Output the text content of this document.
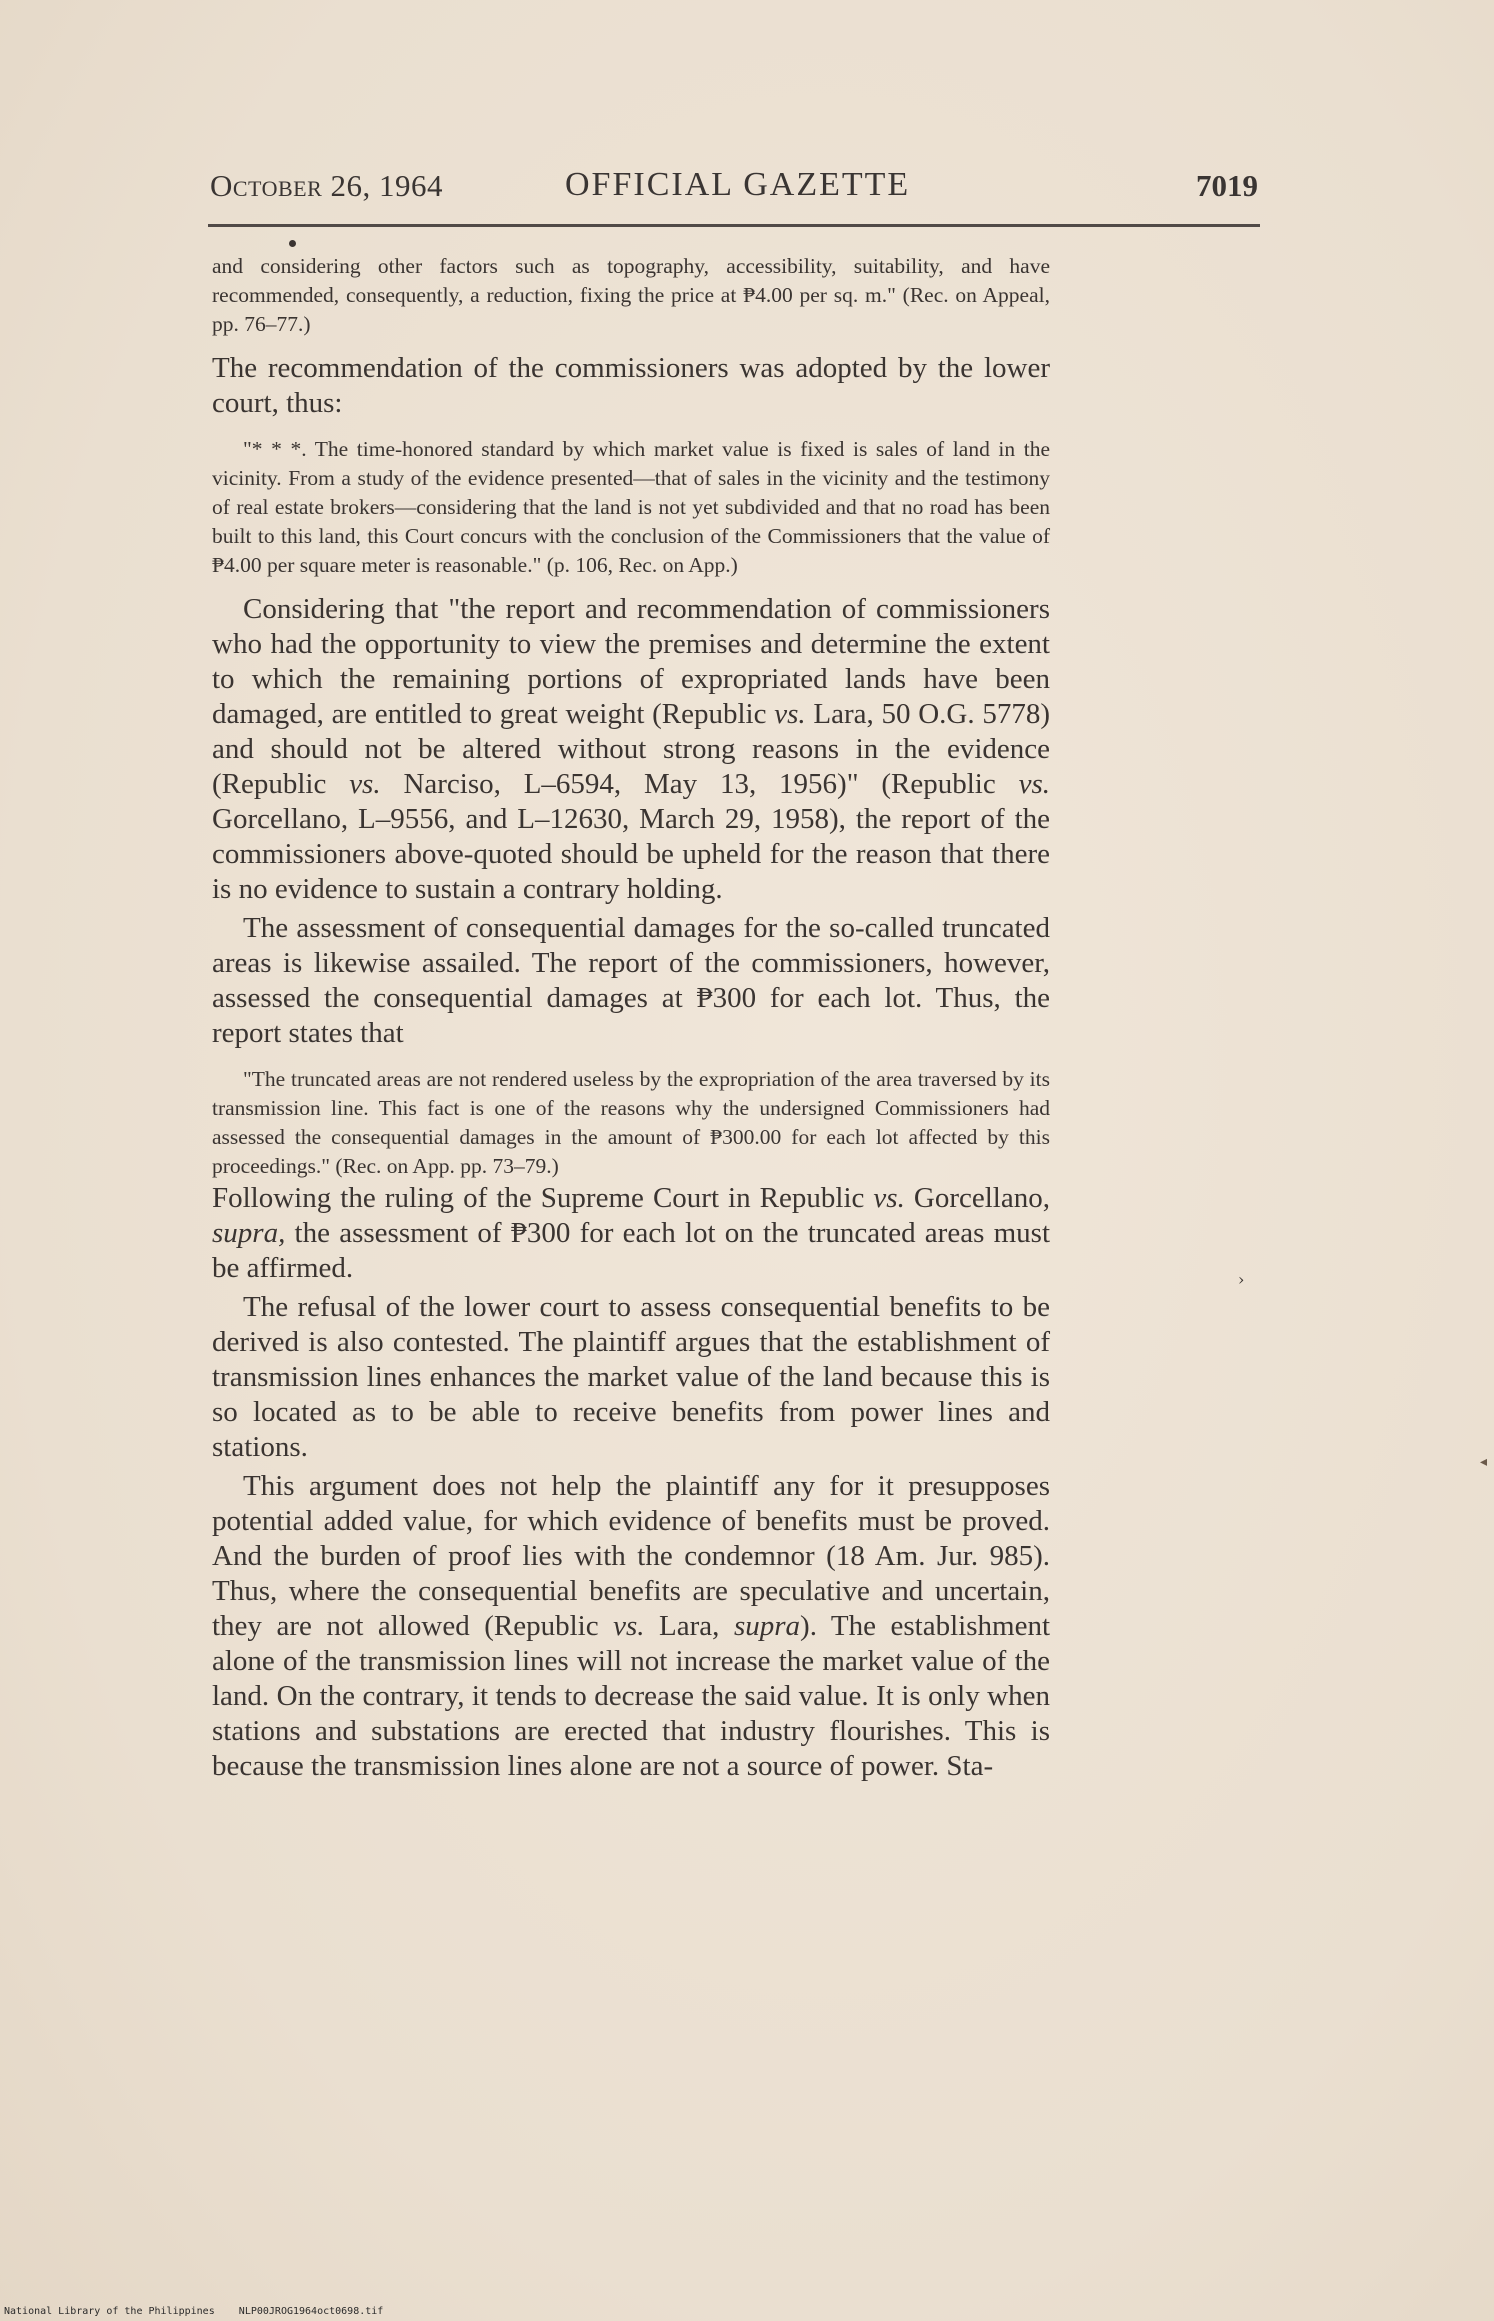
October 26, 1964	OFFICIAL GAZETTE	7019

and considering other factors such as topography, accessibility, suitability, and have recommended, consequently, a reduction, fixing the price at ₱4.00 per sq. m." (Rec. on Appeal, pp. 76–77.)

The recommendation of the commissioners was adopted by the lower court, thus:

"* * *. The time-honored standard by which market value is fixed is sales of land in the vicinity. From a study of the evidence presented—that of sales in the vicinity and the testimony of real estate brokers—considering that the land is not yet subdivided and that no road has been built to this land, this Court concurs with the conclusion of the Commissioners that the value of ₱4.00 per square meter is reasonable." (p. 106, Rec. on App.)

Considering that "the report and recommendation of commissioners who had the opportunity to view the premises and determine the extent to which the remaining portions of expropriated lands have been damaged, are entitled to great weight (Republic vs. Lara, 50 O.G. 5778) and should not be altered without strong reasons in the evidence (Republic vs. Narciso, L–6594, May 13, 1956)" (Republic vs. Gorcellano, L–9556, and L–12630, March 29, 1958), the report of the commissioners above-quoted should be upheld for the reason that there is no evidence to sustain a contrary holding.

The assessment of consequential damages for the so-called truncated areas is likewise assailed. The report of the commissioners, however, assessed the consequential damages at ₱300 for each lot. Thus, the report states that

"The truncated areas are not rendered useless by the expropriation of the area traversed by its transmission line. This fact is one of the reasons why the undersigned Commissioners had assessed the consequential damages in the amount of ₱300.00 for each lot affected by this proceedings." (Rec. on App. pp. 73–79.)

Following the ruling of the Supreme Court in Republic vs. Gorcellano, supra, the assessment of ₱300 for each lot on the truncated areas must be affirmed.

The refusal of the lower court to assess consequential benefits to be derived is also contested. The plaintiff argues that the establishment of transmission lines enhances the market value of the land because this is so located as to be able to receive benefits from power lines and stations.

This argument does not help the plaintiff any for it presupposes potential added value, for which evidence of benefits must be proved. And the burden of proof lies with the condemnor (18 Am. Jur. 985). Thus, where the consequential benefits are speculative and uncertain, they are not allowed (Republic vs. Lara, supra). The establishment alone of the transmission lines will not increase the market value of the land. On the contrary, it tends to decrease the said value. It is only when stations and substations are erected that industry flourishes. This is because the transmission lines alone are not a source of power. Sta-

›
◂
National Library of the Philippines    NLP00JROG1964oct0698.tif
